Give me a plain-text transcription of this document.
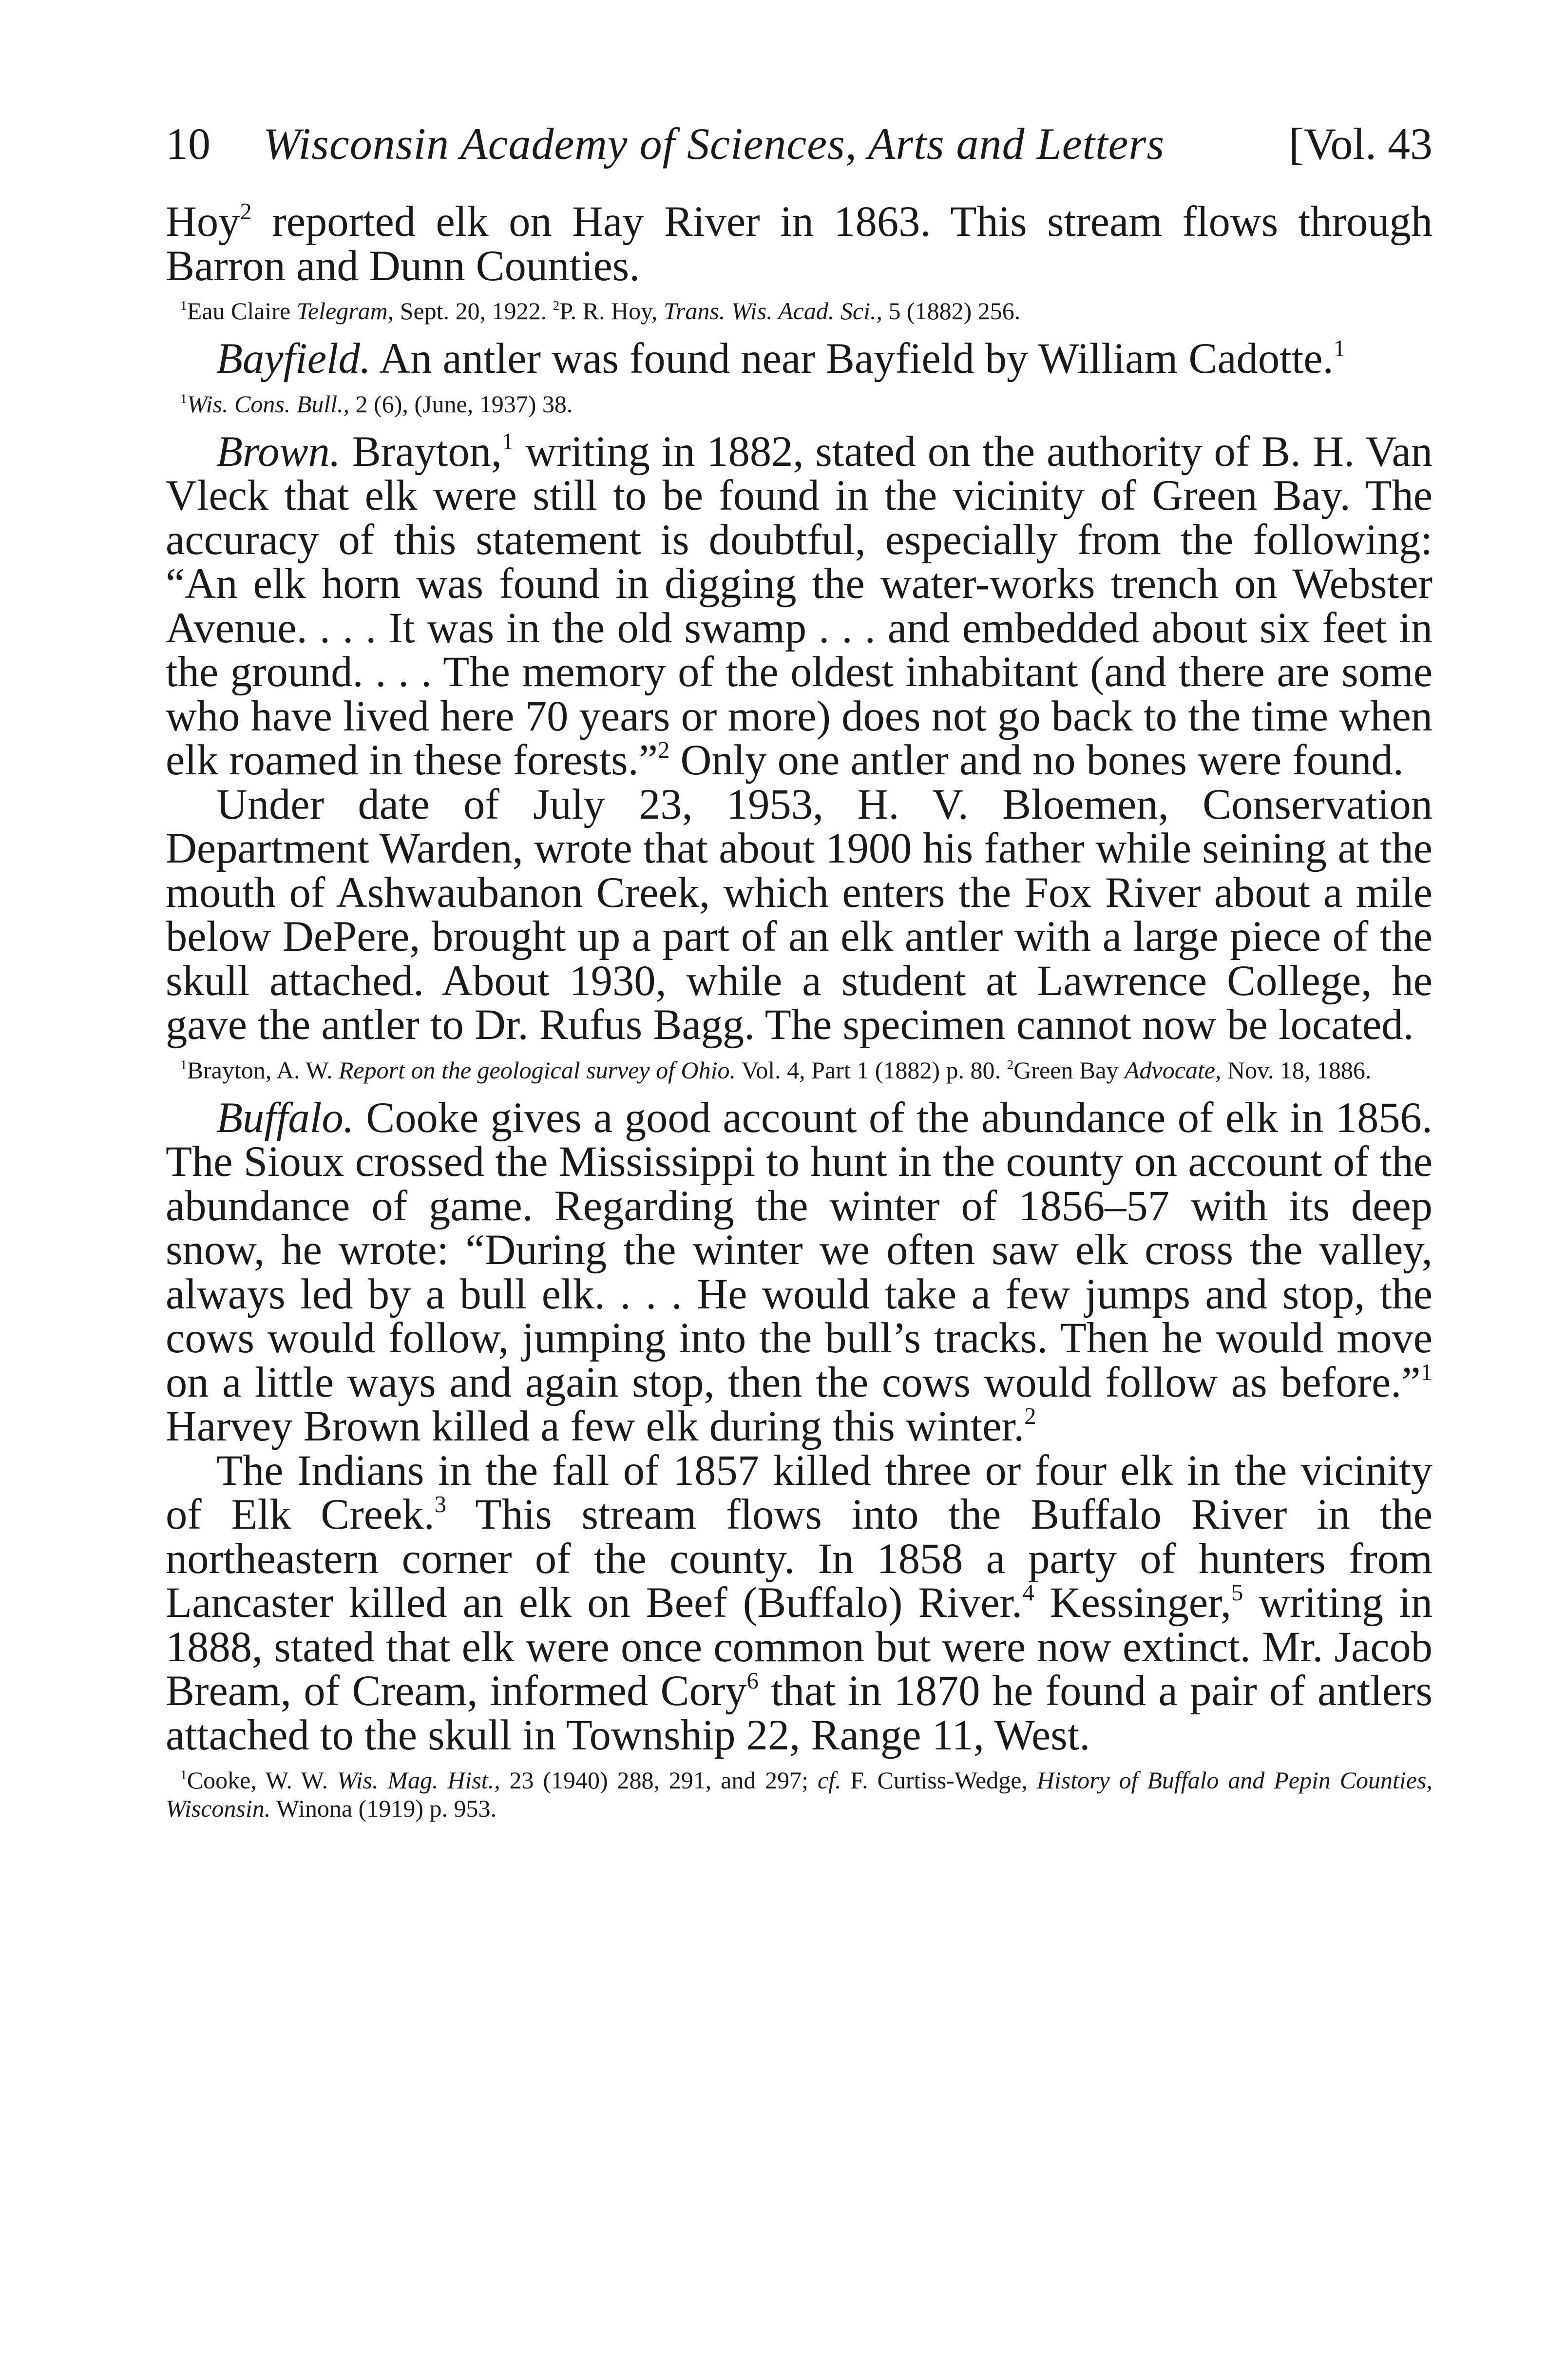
10 Wisconsin Academy of Sciences, Arts and Letters	[Vol. 43

Hoy$^2$ reported elk on Hay River in 1863. This stream flows through Barron and Dunn Counties.

$^1$Eau Claire Telegram, Sept. 20, 1922. $^2$P. R. Hoy, Trans. Wis. Acad. Sci., 5 (1882) 256.

Bayfield. An antler was found near Bayfield by William Cadotte.$^1$

$^1$Wis. Cons. Bull., 2 (6), (June, 1937) 38.

Brown. Brayton,$^1$ writing in 1882, stated on the authority of B. H. Van Vleck that elk were still to be found in the vicinity of Green Bay. The accuracy of this statement is doubtful, especially from the following: “An elk horn was found in digging the water-works trench on Webster Avenue. . . . It was in the old swamp . . . and embedded about six feet in the ground. . . . The memory of the oldest inhabitant (and there are some who have lived here 70 years or more) does not go back to the time when elk roamed in these forests.”$^2$ Only one antler and no bones were found.

Under date of July 23, 1953, H. V. Bloemen, Conservation Department Warden, wrote that about 1900 his father while seining at the mouth of Ashwaubanon Creek, which enters the Fox River about a mile below DePere, brought up a part of an elk antler with a large piece of the skull attached. About 1930, while a student at Lawrence College, he gave the antler to Dr. Rufus Bagg. The specimen cannot now be located.

$^1$Brayton, A. W. Report on the geological survey of Ohio. Vol. 4, Part 1 (1882) p. 80. $^2$Green Bay Advocate, Nov. 18, 1886.

Buffalo. Cooke gives a good account of the abundance of elk in 1856. The Sioux crossed the Mississippi to hunt in the county on account of the abundance of game. Regarding the winter of 1856–57 with its deep snow, he wrote: “During the winter we often saw elk cross the valley, always led by a bull elk. . . . He would take a few jumps and stop, the cows would follow, jumping into the bull’s tracks. Then he would move on a little ways and again stop, then the cows would follow as before.”$^1$ Harvey Brown killed a few elk during this winter.$^2$

The Indians in the fall of 1857 killed three or four elk in the vicinity of Elk Creek.$^3$ This stream flows into the Buffalo River in the northeastern corner of the county. In 1858 a party of hunters from Lancaster killed an elk on Beef (Buffalo) River.$^4$ Kessinger,$^5$ writing in 1888, stated that elk were once common but were now extinct. Mr. Jacob Bream, of Cream, informed Cory$^6$ that in 1870 he found a pair of antlers attached to the skull in Township 22, Range 11, West.

$^1$Cooke, W. W. Wis. Mag. Hist., 23 (1940) 288, 291, and 297; cf. F. Curtiss-Wedge, History of Buffalo and Pepin Counties, Wisconsin. Winona (1919) p. 953.
